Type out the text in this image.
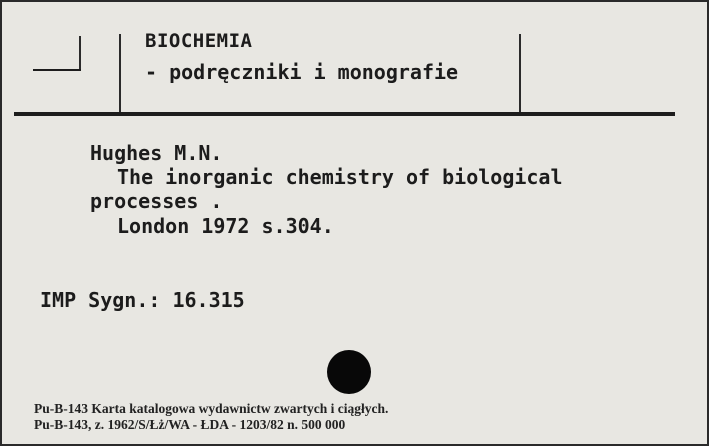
BIOCHEMIA
- podręczniki i monografie
Hughes M.N.
The inorganic chemistry of biological
processes .
London 1972 s.304.
IMP Sygn.: 16.315
Pu-B-143 Karta katalogowa wydawnictw zwartych i ciągłych.
Pu-B-143, z. 1962/S/Łż/WA - ŁDA - 1203/82 n. 500 000
